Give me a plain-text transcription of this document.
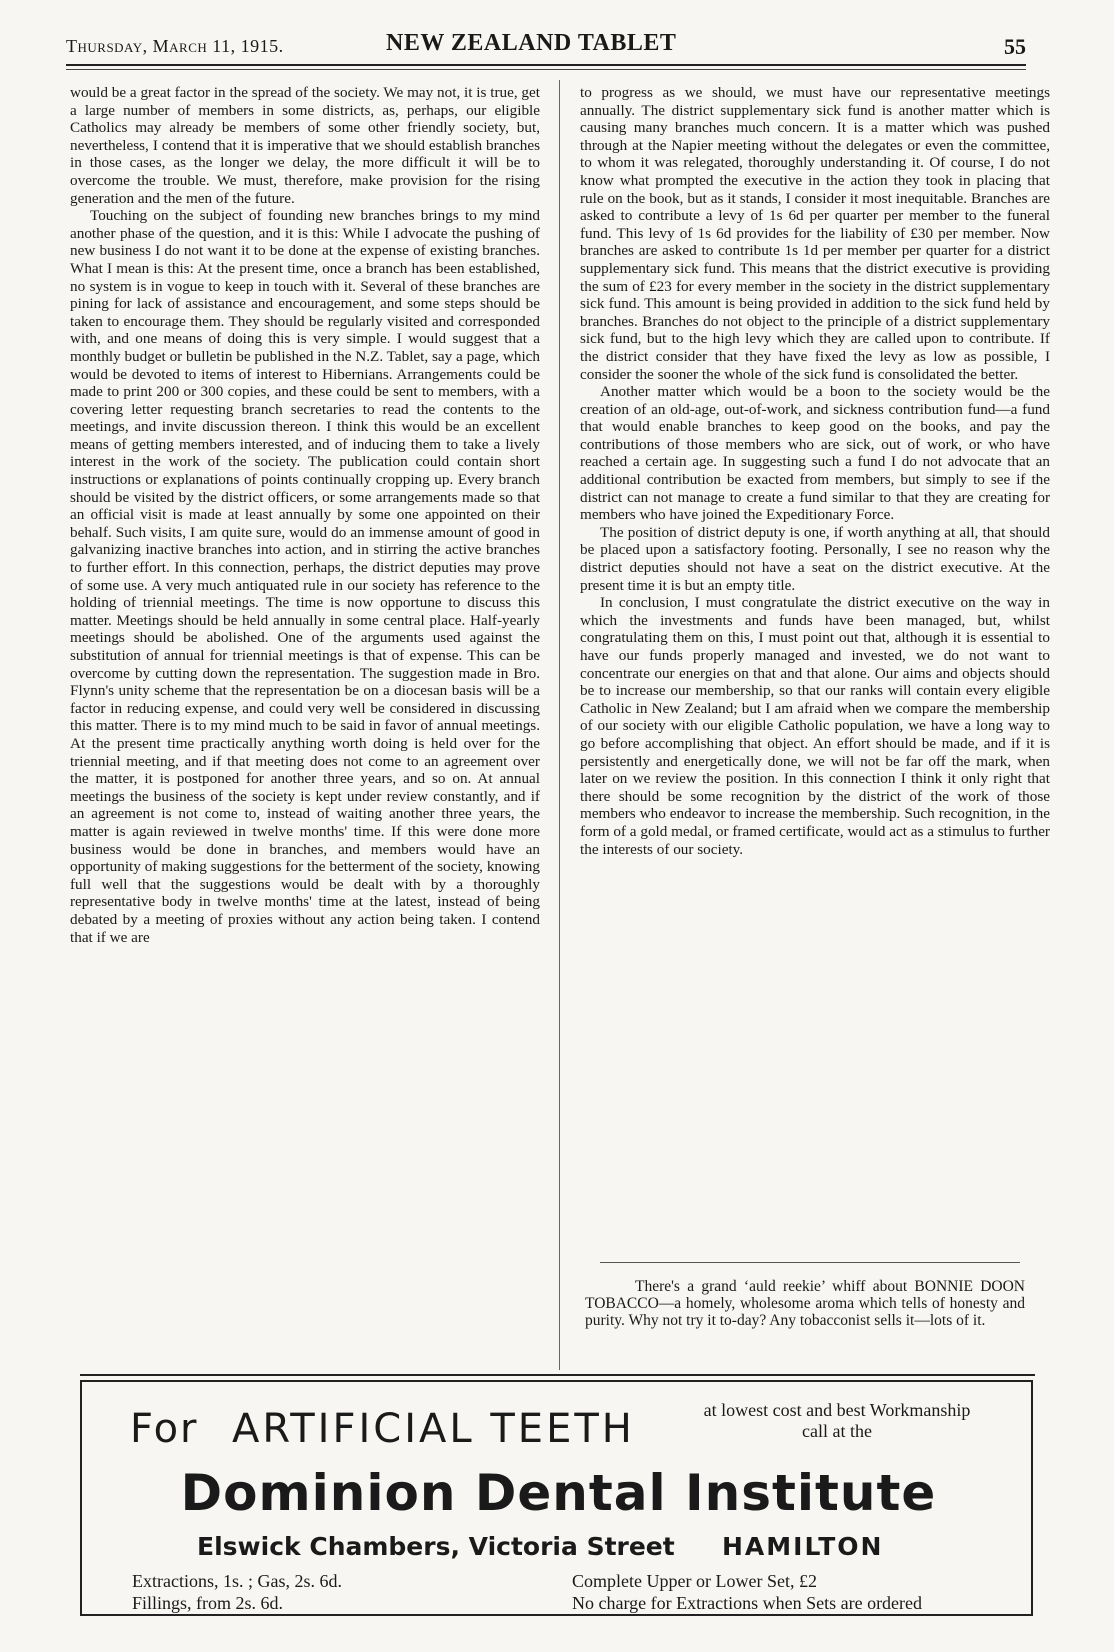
Thursday, March 11, 1915.	NEW ZEALAND TABLET	55

would be a great factor in the spread of the society. We may not, it is true, get a large number of members in some districts, as, perhaps, our eligible Catholics may already be members of some other friendly society, but, nevertheless, I contend that it is imperative that we should establish branches in those cases, as the longer we delay, the more difficult it will be to overcome the trouble. We must, therefore, make provision for the rising generation and the men of the future.

Touching on the subject of founding new branches brings to my mind another phase of the question, and it is this: While I advocate the pushing of new business I do not want it to be done at the expense of existing branches. What I mean is this: At the present time, once a branch has been established, no system is in vogue to keep in touch with it. Several of these branches are pining for lack of assistance and encouragement, and some steps should be taken to encourage them. They should be regularly visited and corresponded with, and one means of doing this is very simple. I would suggest that a monthly budget or bulletin be published in the N.Z. Tablet, say a page, which would be devoted to items of interest to Hibernians. Arrangements could be made to print 200 or 300 copies, and these could be sent to members, with a covering letter requesting branch secretaries to read the contents to the meetings, and invite discussion thereon. I think this would be an excellent means of getting members interested, and of inducing them to take a lively interest in the work of the society. The publication could contain short instructions or explanations of points continually cropping up. Every branch should be visited by the district officers, or some arrangements made so that an official visit is made at least annually by some one appointed on their behalf. Such visits, I am quite sure, would do an immense amount of good in galvanizing inactive branches into action, and in stirring the active branches to further effort. In this connection, perhaps, the district deputies may prove of some use. A very much antiquated rule in our society has reference to the holding of triennial meetings. The time is now opportune to discuss this matter. Meetings should be held annually in some central place. Half-yearly meetings should be abolished. One of the arguments used against the substitution of annual for triennial meetings is that of expense. This can be overcome by cutting down the representation. The suggestion made in Bro. Flynn's unity scheme that the representation be on a diocesan basis will be a factor in reducing expense, and could very well be considered in discussing this matter. There is to my mind much to be said in favor of annual meetings. At the present time practically anything worth doing is held over for the triennial meeting, and if that meeting does not come to an agreement over the matter, it is postponed for another three years, and so on. At annual meetings the business of the society is kept under review constantly, and if an agreement is not come to, instead of waiting another three years, the matter is again reviewed in twelve months' time. If this were done more business would be done in branches, and members would have an opportunity of making suggestions for the betterment of the society, knowing full well that the suggestions would be dealt with by a thoroughly representative body in twelve months' time at the latest, instead of being debated by a meeting of proxies without any action being taken. I contend that if we are

to progress as we should, we must have our representative meetings annually. The district supplementary sick fund is another matter which is causing many branches much concern. It is a matter which was pushed through at the Napier meeting without the delegates or even the committee, to whom it was relegated, thoroughly understanding it. Of course, I do not know what prompted the executive in the action they took in placing that rule on the book, but as it stands, I consider it most inequitable. Branches are asked to contribute a levy of 1s 6d per quarter per member to the funeral fund. This levy of 1s 6d provides for the liability of £30 per member. Now branches are asked to contribute 1s 1d per member per quarter for a district supplementary sick fund. This means that the district executive is providing the sum of £23 for every member in the society in the district supplementary sick fund. This amount is being provided in addition to the sick fund held by branches. Branches do not object to the principle of a district supplementary sick fund, but to the high levy which they are called upon to contribute. If the district consider that they have fixed the levy as low as possible, I consider the sooner the whole of the sick fund is consolidated the better.

Another matter which would be a boon to the society would be the creation of an old-age, out-of-work, and sickness contribution fund—a fund that would enable branches to keep good on the books, and pay the contributions of those members who are sick, out of work, or who have reached a certain age. In suggesting such a fund I do not advocate that an additional contribution be exacted from members, but simply to see if the district can not manage to create a fund similar to that they are creating for members who have joined the Expeditionary Force.

The position of district deputy is one, if worth anything at all, that should be placed upon a satisfactory footing. Personally, I see no reason why the district deputies should not have a seat on the district executive. At the present time it is but an empty title.

In conclusion, I must congratulate the district executive on the way in which the investments and funds have been managed, but, whilst congratulating them on this, I must point out that, although it is essential to have our funds properly managed and invested, we do not want to concentrate our energies on that and that alone. Our aims and objects should be to increase our membership, so that our ranks will contain every eligible Catholic in New Zealand; but I am afraid when we compare the membership of our society with our eligible Catholic population, we have a long way to go before accomplishing that object. An effort should be made, and if it is persistently and energetically done, we will not be far off the mark, when later on we review the position. In this connection I think it only right that there should be some recognition by the district of the work of those members who endeavor to increase the membership. Such recognition, in the form of a gold medal, or framed certificate, would act as a stimulus to further the interests of our society.

There's a grand ‘auld reekie’ whiff about BONNIE DOON TOBACCO—a homely, wholesome aroma which tells of honesty and purity. Why not try it to-day? Any tobacconist sells it—lots of it.

For ARTIFICIAL TEETH	at lowest cost and best Workmanship
call at the
Dominion Dental Institute
Elswick Chambers, Victoria Street HAMILTON
Extractions, 1s. ; Gas, 2s. 6d.
Fillings, from 2s. 6d.
Complete Upper or Lower Set, £2
No charge for Extractions when Sets are ordered
